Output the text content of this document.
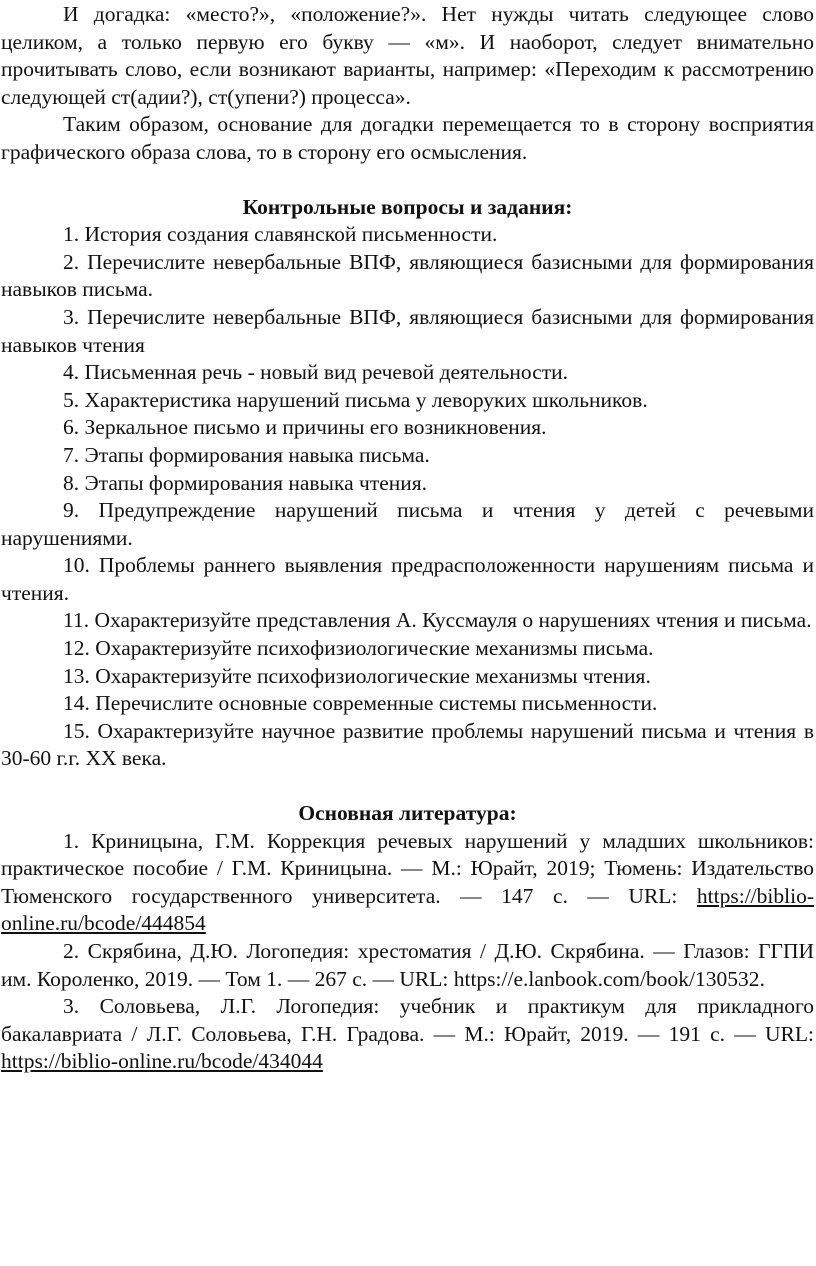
И догадка: «место?», «положение?». Нет нужды читать следующее слово целиком, а только первую его букву — «м». И наоборот, следует внимательно прочитывать слово, если возникают варианты, например: «Переходим к рассмотрению следующей ст(адии?), ст(упени?) процесса».

Таким образом, основание для догадки перемещается то в сторону восприятия графического образа слова, то в сторону его осмысления.

Контрольные вопросы и задания:

1. История создания славянской письменности.

2. Перечислите невербальные ВПФ, являющиеся базисными для формирования навыков письма.

3. Перечислите невербальные ВПФ, являющиеся базисными для формирования навыков чтения

4. Письменная речь - новый вид речевой деятельности.

5. Характеристика нарушений письма у леворуких школьников.

6. Зеркальное письмо и причины его возникновения.

7. Этапы формирования навыка письма.

8. Этапы формирования навыка чтения.

9. Предупреждение нарушений письма и чтения у детей с речевыми нарушениями.

10. Проблемы раннего выявления предрасположенности нарушениям письма и чтения.

11. Охарактеризуйте представления А. Куссмауля о нарушениях чтения и письма.

12. Охарактеризуйте психофизиологические механизмы письма.

13. Охарактеризуйте психофизиологические механизмы чтения.

14. Перечислите основные современные системы письменности.

15. Охарактеризуйте научное развитие проблемы нарушений письма и чтения в 30-60 г.г. XX века.

Основная литература:

1. Криницына, Г.М. Коррекция речевых нарушений у младших школьников: практическое пособие / Г.М. Криницына. — М.: Юрайт, 2019; Тюмень: Издательство Тюменского государственного университета. — 147 с. — URL: https://biblio-online.ru/bcode/444854

2. Скрябина, Д.Ю. Логопедия: хрестоматия / Д.Ю. Скрябина. — Глазов: ГГПИ им. Короленко, 2019. — Том 1. — 267 с. — URL: https://e.lanbook.com/book/130532.

3. Соловьева, Л.Г. Логопедия: учебник и практикум для прикладного бакалавриата / Л.Г. Соловьева, Г.Н. Градова. — М.: Юрайт, 2019. — 191 с. — URL: https://biblio-online.ru/bcode/434044
